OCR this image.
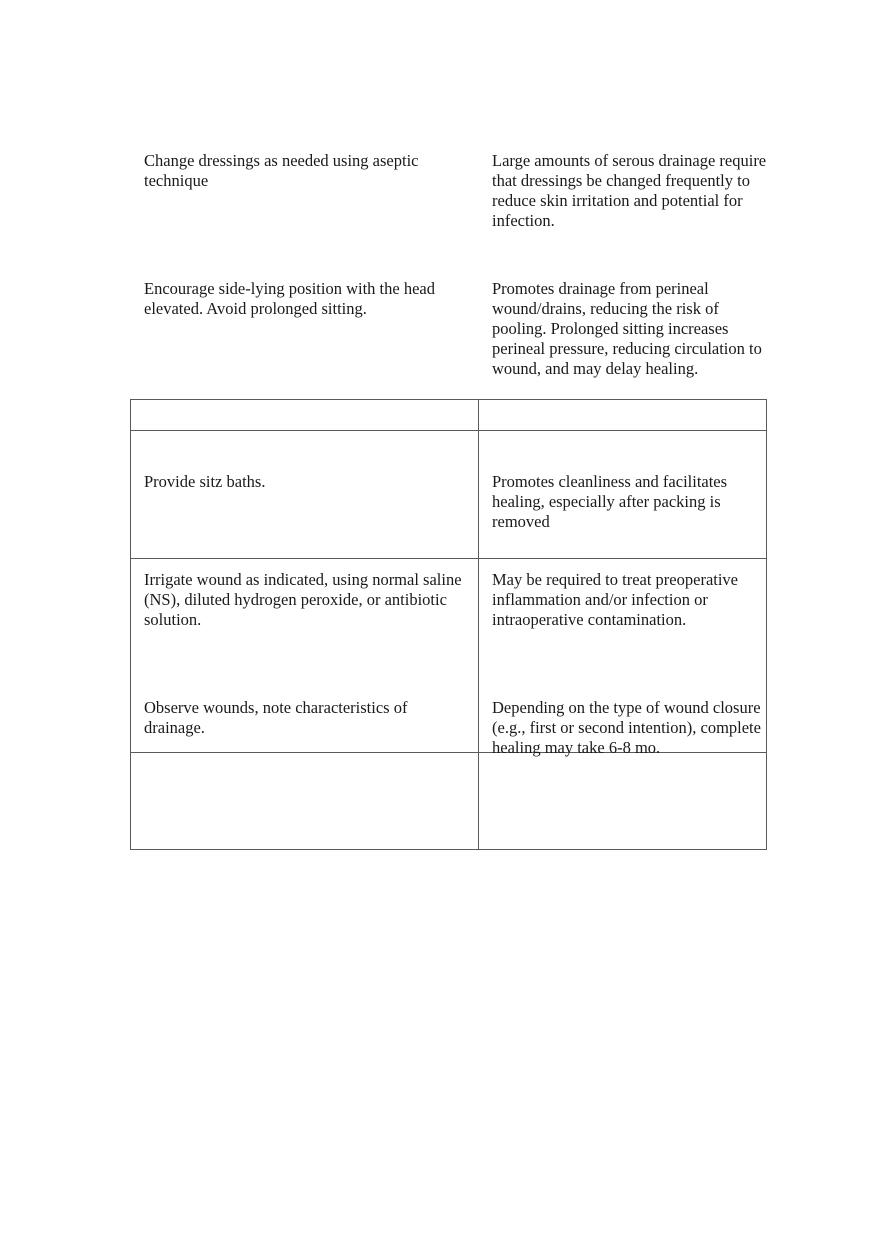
Change dressings as needed using aseptic technique

Large amounts of serous drainage require that dressings be changed frequently to reduce skin irritation and potential for infection.

Encourage side-lying position with the head elevated. Avoid prolonged sitting.

Promotes drainage from perineal wound/drains, reducing the risk of pooling. Prolonged sitting increases perineal pressure, reducing circulation to wound, and may delay healing.

Provide sitz baths.	Promotes cleanliness and facilitates healing, especially after packing is removed

Irrigate wound as indicated, using normal saline (NS), diluted hydrogen peroxide, or antibiotic solution.

May be required to treat preoperative inflammation and/or infection or intraoperative contamination.

Observe wounds, note characteristics of drainage.

Depending on the type of wound closure (e.g., first or second intention), complete healing may take 6-8 mo.
